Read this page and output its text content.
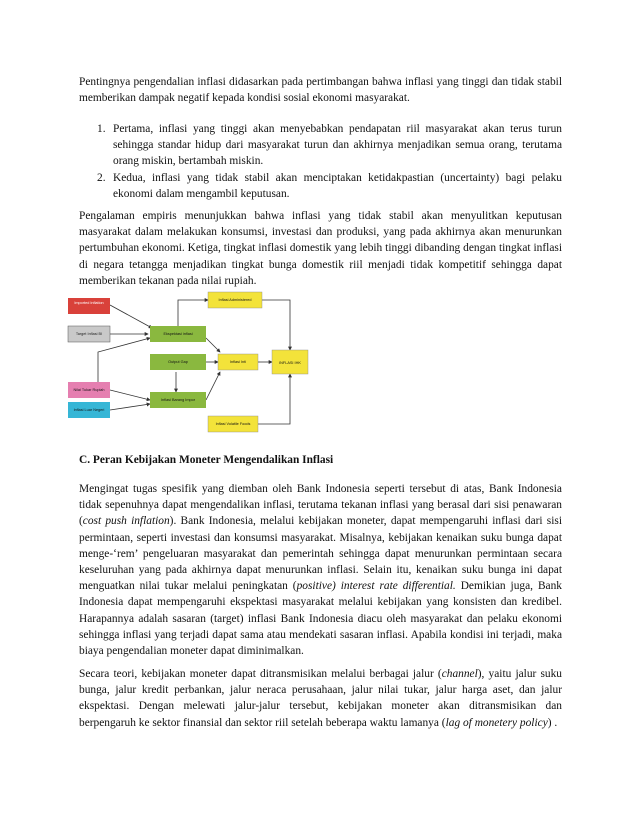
Pentingnya pengendalian inflasi didasarkan pada pertimbangan bahwa inflasi yang tinggi dan tidak stabil memberikan dampak negatif kepada kondisi sosial ekonomi masyarakat.

1. Pertama, inflasi yang tinggi akan menyebabkan pendapatan riil masyarakat akan terus turun sehingga standar hidup dari masyarakat turun dan akhirnya menjadikan semua orang, terutama orang miskin, bertambah miskin.
2. Kedua, inflasi yang tidak stabil akan menciptakan ketidakpastian (uncertainty) bagi pelaku ekonomi dalam mengambil keputusan.

Pengalaman empiris menunjukkan bahwa inflasi yang tidak stabil akan menyulitkan keputusan masyarakat dalam melakukan konsumsi, investasi dan produksi, yang pada akhirnya akan menurunkan pertumbuhan ekonomi. Ketiga, tingkat inflasi domestik yang lebih tinggi dibanding dengan tingkat inflasi di negara tetangga menjadikan tingkat bunga domestik riil menjadi tidak kompetitif sehingga dapat memberikan tekanan pada nilai rupiah.

Imported Inflation
Target Inflasi BI	Ekspektasi inflasi
Output Gap	Inflasi Inti
Inflasi Administered
INFLASI IHK
Nilai Tukar Rupiah
Inflasi Luar Negeri
Inflasi Barang Impor
Inflasi Volatile Foods

C. Peran Kebijakan Moneter Mengendalikan Inflasi

Mengingat tugas spesifik yang diemban oleh Bank Indonesia seperti tersebut di atas, Bank Indonesia tidak sepenuhnya dapat mengendalikan inflasi, terutama tekanan inflasi yang berasal dari sisi penawaran (cost push inflation). Bank Indonesia, melalui kebijakan moneter, dapat mempengaruhi inflasi dari sisi permintaan, seperti investasi dan konsumsi masyarakat. Misalnya, kebijakan kenaikan suku bunga dapat menge-‘rem’ pengeluaran masyarakat dan pemerintah sehingga dapat menurunkan permintaan secara keseluruhan yang pada akhirnya dapat menurunkan inflasi. Selain itu, kenaikan suku bunga ini dapat menguatkan nilai tukar melalui peningkatan (positive) interest rate differential. Demikian juga, Bank Indonesia dapat mempengaruhi ekspektasi masyarakat melalui kebijakan yang konsisten dan kredibel. Harapannya adalah sasaran (target) inflasi Bank Indonesia diacu oleh masyarakat dan pelaku ekonomi sehingga inflasi yang terjadi dapat sama atau mendekati sasaran inflasi. Apabila kondisi ini terjadi, maka biaya pengendalian moneter dapat diminimalkan.

Secara teori, kebijakan moneter dapat ditransmisikan melalui berbagai jalur (channel), yaitu jalur suku bunga, jalur kredit perbankan, jalur neraca perusahaan, jalur nilai tukar, jalur harga aset, dan jalur ekspektasi. Dengan melewati jalur-jalur tersebut, kebijakan moneter akan ditransmisikan dan berpengaruh ke sektor finansial dan sektor riil setelah beberapa waktu lamanya (lag of monetery policy) .
